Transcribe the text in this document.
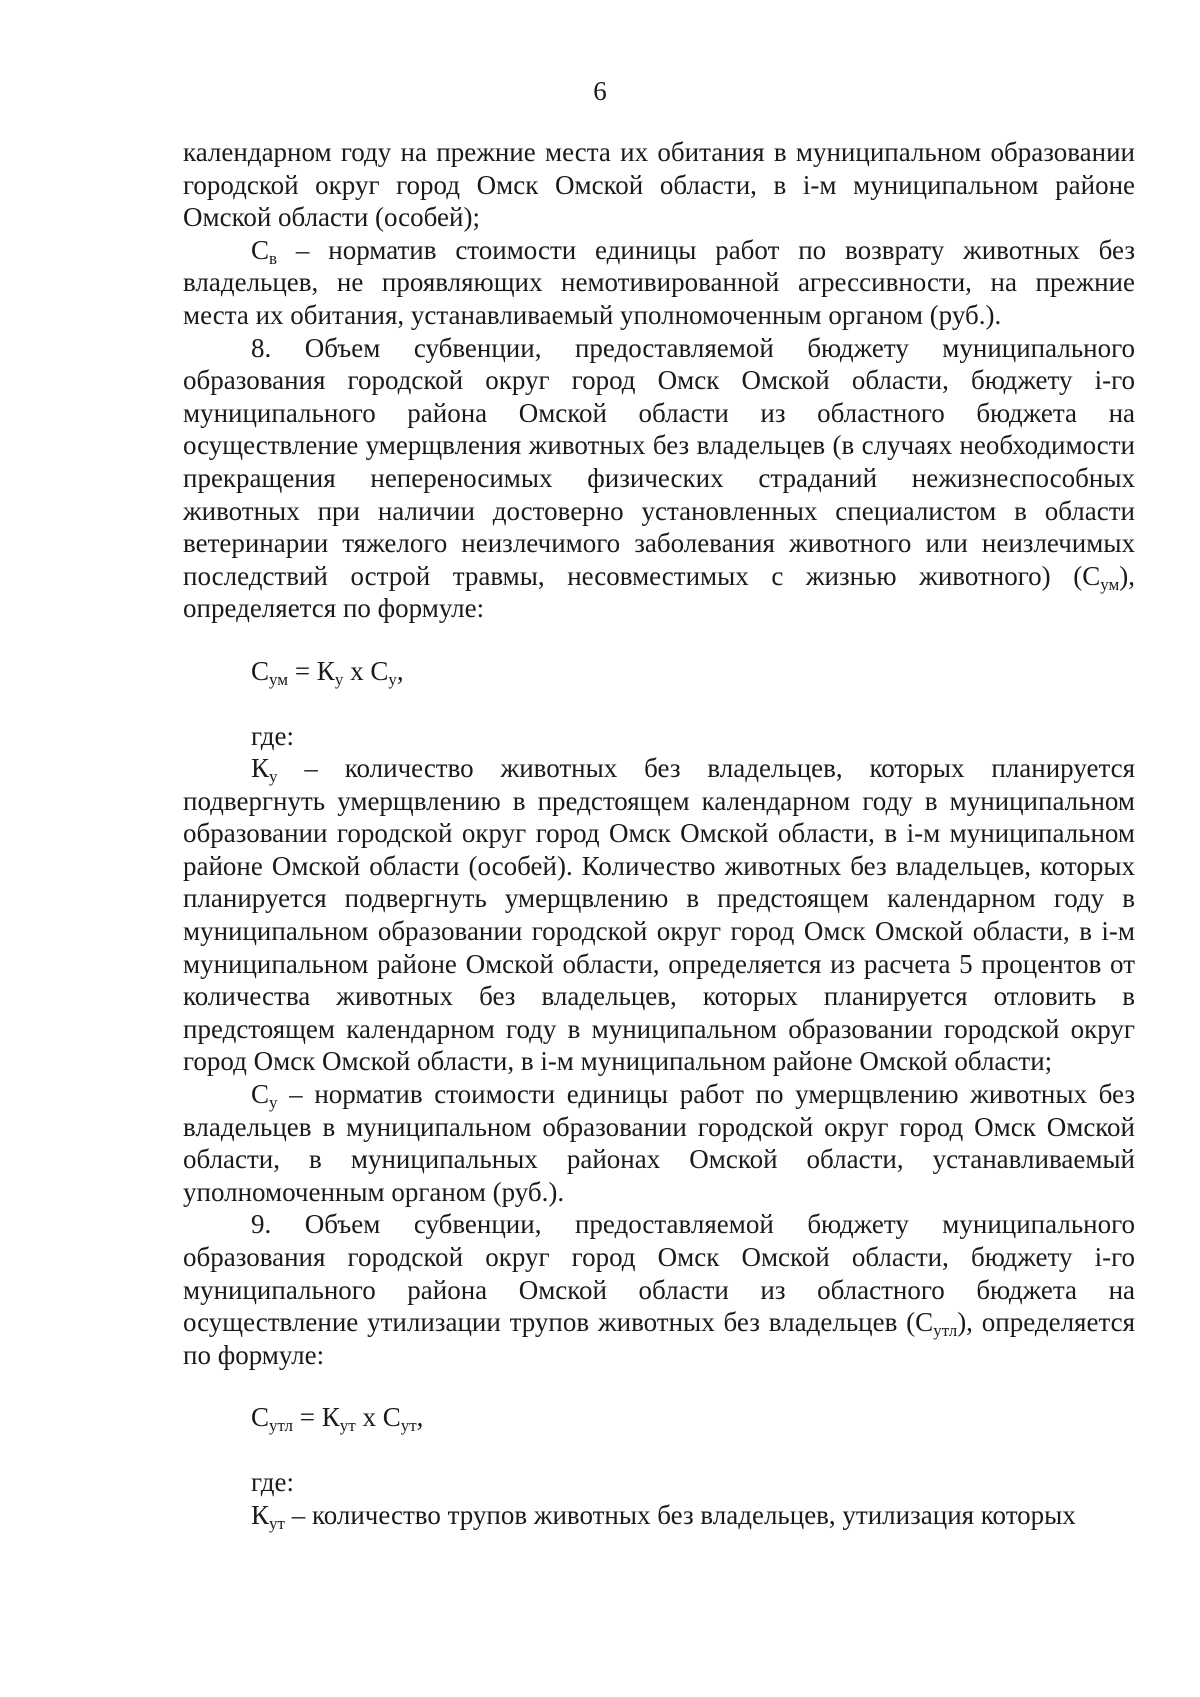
6

календарном году на прежние места их обитания в муниципальном образовании городской округ город Омск Омской области, в i-м муниципальном районе Омской области (особей);

$С_в$ – норматив стоимости единицы работ по возврату животных без владельцев, не проявляющих немотивированной агрессивности, на прежние места их обитания, устанавливаемый уполномоченным органом (руб.).

8. Объем субвенции, предоставляемой бюджету муниципального образования городской округ город Омск Омской области, бюджету i-го муниципального района Омской области из областного бюджета на осуществление умерщвления животных без владельцев (в случаях необходимости прекращения непереносимых физических страданий нежизнеспособных животных при наличии достоверно установленных специалистом в области ветеринарии тяжелого неизлечимого заболевания животного или неизлечимых последствий острой травмы, несовместимых с жизнью животного) $(С_{ум})$, определяется по формуле:

$С_{ум} = К_у$ х $С_у$,

где:

$К_у$ – количество животных без владельцев, которых планируется подвергнуть умерщвлению в предстоящем календарном году в муниципальном образовании городской округ город Омск Омской области, в i-м муниципальном районе Омской области (особей). Количество животных без владельцев, которых планируется подвергнуть умерщвлению в предстоящем календарном году в муниципальном образовании городской округ город Омск Омской области, в i-м муниципальном районе Омской области, определяется из расчета 5 процентов от количества животных без владельцев, которых планируется отловить в предстоящем календарном году в муниципальном образовании городской округ город Омск Омской области, в i-м муниципальном районе Омской области;

$С_у$ – норматив стоимости единицы работ по умерщвлению животных без владельцев в муниципальном образовании городской округ город Омск Омской области, в муниципальных районах Омской области, устанавливаемый уполномоченным органом (руб.).

9. Объем субвенции, предоставляемой бюджету муниципального образования городской округ город Омск Омской области, бюджету i-го муниципального района Омской области из областного бюджета на осуществление утилизации трупов животных без владельцев $(С_{утл})$, определяется по формуле:

$С_{утл} = К_{ут}$ х $С_{ут}$,

где:

$К_{ут}$ – количество трупов животных без владельцев, утилизация которых
